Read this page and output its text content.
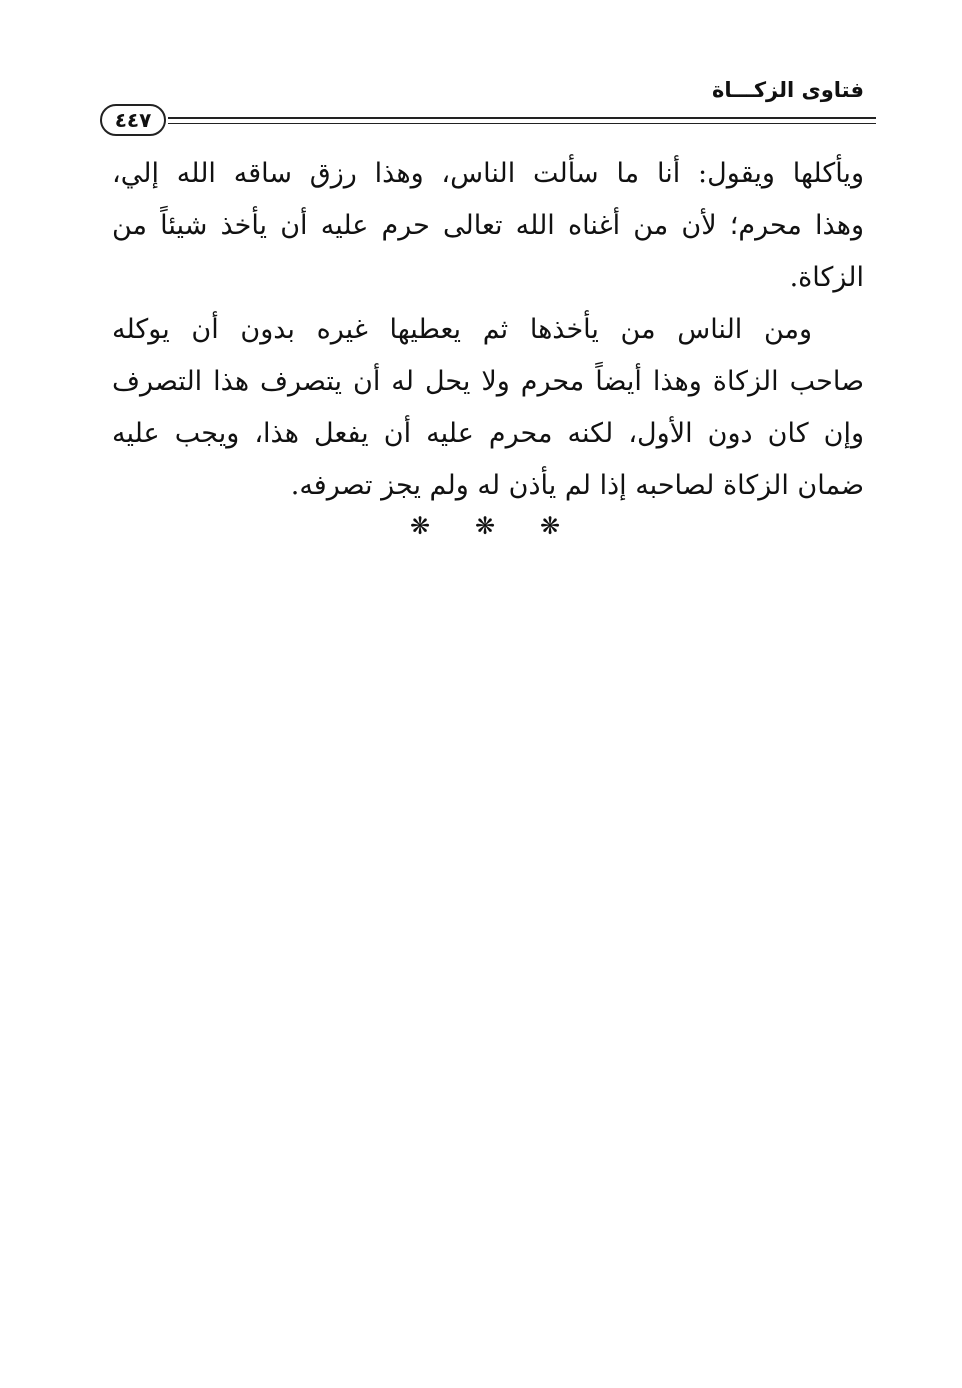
فتاوى الزكـــاة
٤٤٧

ويأكلها ويقول: أنا ما سألت الناس، وهذا رزق ساقه الله إلي،
وهذا محرم؛ لأن من أغناه الله تعالى حرم عليه أن يأخذ شيئاً من
الزكاة.

ومن الناس من يأخذها ثم يعطيها غيره بدون أن يوكله
صاحب الزكاة وهذا أيضاً محرم ولا يحل له أن يتصرف هذا التصرف
وإن كان دون الأول، لكنه محرم عليه أن يفعل هذا، ويجب عليه
ضمان الزكاة لصاحبه إذا لم يأذن له ولم يجز تصرفه.

❋	❋	❋
